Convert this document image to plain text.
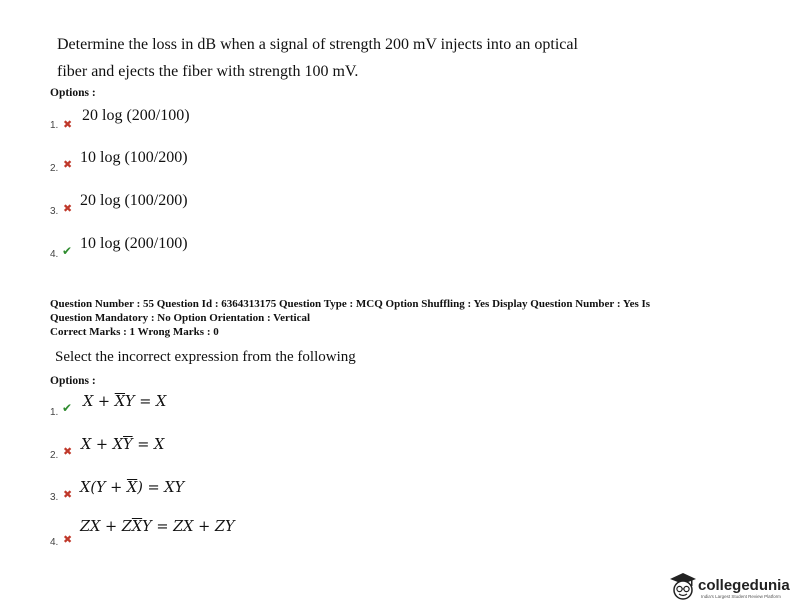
Determine the loss in dB when a signal of strength 200 mV injects into an optical
fiber and ejects the fiber with strength 100 mV.
Options :
1. ✖
20 log (200/100)
2. ✖ 10 log (100/200)
3. ✖ 20 log (100/200)
4. ✔ 10 log (200/100)
Question Number : 55 Question Id : 6364313175 Question Type : MCQ Option Shuffling : Yes Display Question Number : Yes Is
Question Mandatory : No Option Orientation : Vertical
Correct Marks : 1 Wrong Marks : 0
Select the incorrect expression from the following
Options :
1. ✔ $X + \overline{X}Y = X$
2. ✖ $X + X\overline{Y} = X$
3. ✖ $X(Y + \overline{X})$ = XY
4. ✖
ZX + $Z\overline{X}Y$ = ZX + ZY
collegedunia
India's Largest Student Review Platform
